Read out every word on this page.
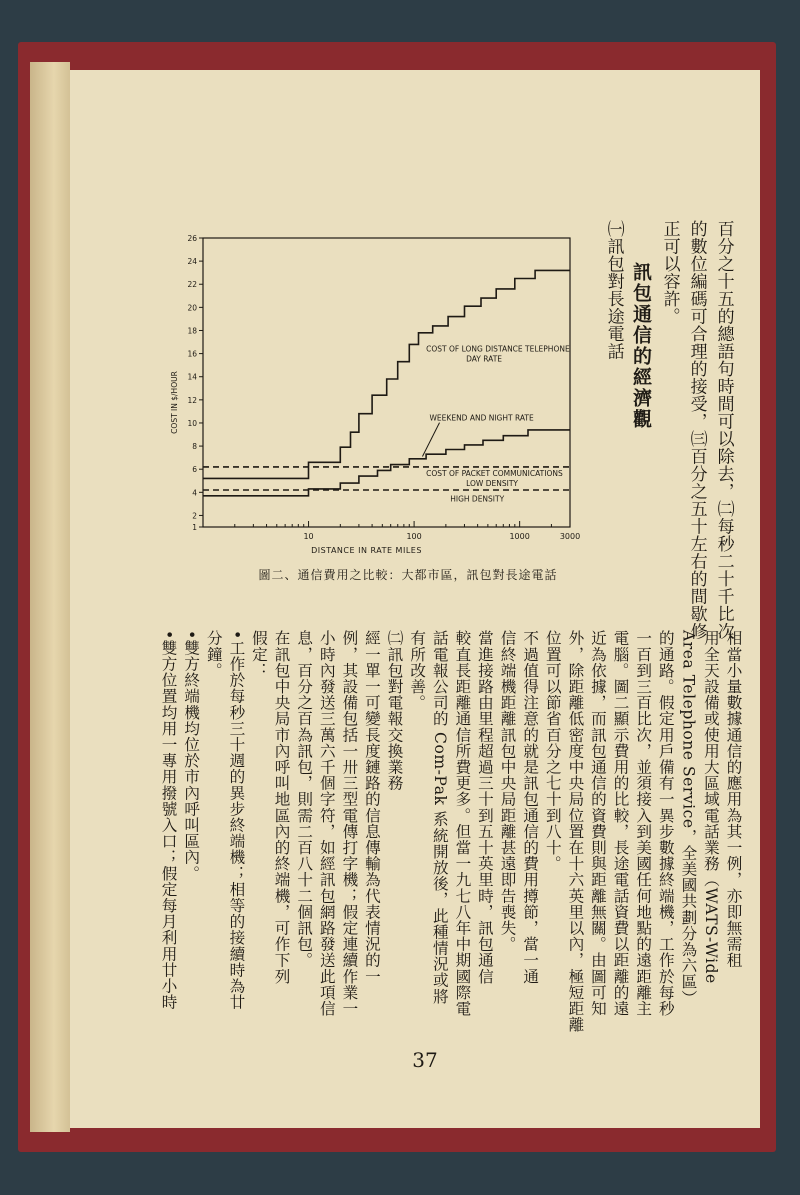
百分之十五的總語句時間可以除去，㈡每秒二十千比次
的數位編碼可合理的接受，㈢百分之五十左右的間歇修
正可以容許。
訊包通信的經濟觀
㈠訊包對長途電話
1
2
4
6
8
10
12
14
16
18
20
22
24
26
10	100	1000	3000
DISTANCE IN RATE MILES
COST IN $/HOUR
COST OF LONG DISTANCE TELEPHONE
DAY RATE
WEEKEND AND NIGHT RATE
COST OF PACKET COMMUNICATIONS
LOW DENSITY
HIGH DENSITY
圖二、通信費用之比較：大都市區，訊包對長途電話
相當小量數據通信的應用為其一例，亦即無需租
用全天設備或使用大區域電話業務（WATS-Wide
Area Telephone Service，全美國共劃分為六區）
的通路。假定用戶備有一異步數據終端機，工作於每秒
一百到三百比次，並須接入到美國任何地點的遠距離主
電腦。圖二顯示費用的比較，長途電話資費以距離的遠
近為依據，而訊包通信的資費則與距離無關。由圖可知
外，除距離低密度中央局位置在十六英里以內，極短距離
位置可以節省百分之七十到八十。
不過值得注意的就是訊包通信的費用撙節，當一通
信終端機距離訊包中央局距離甚遠即告喪失。
當進接路由里程超過三十到五十英里時，訊包通信
較直長距離通信所費更多。但當一九七八年中期國際電
話電報公司的 Com-Pak 系統開放後，此種情況或將
有所改善。
㈡訊包對電報交換業務
經一單一可變長度鏈路的信息傳輸為代表情況的一
例，其設備包括一卅三型電傳打字機；假定連續作業一
小時內發送三萬六千個字符，如經訊包網路發送此項信
息，百分之百為訊包，則需二百八十二個訊包。
在訊包中央局市內呼叫地區內的終端機，可作下列
假定：
•工作於每秒三十週的異步終端機；相等的接續時為廿
分鐘。
•雙方終端機均位於市內呼叫區內。
•雙方位置均用一專用撥號入口；假定每月利用廿小時
37
